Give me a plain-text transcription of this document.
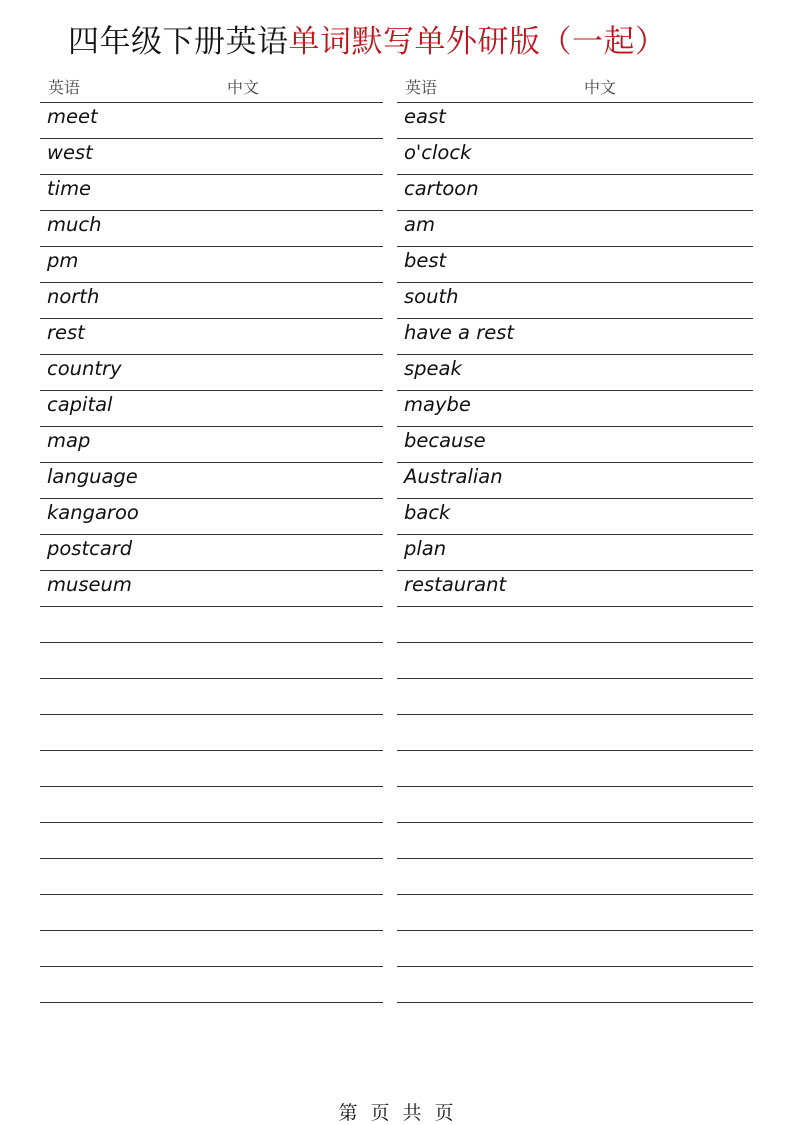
四年级下册英语单词默写单外研版（一起）
英语	中文
meet
west
time
much
pm
north
rest
country
capital
map
language
kangaroo
postcard
museum
英语	中文
east
o'clock
cartoon
am
best
south
have a rest
speak
maybe
because
Australian
back
plan
restaurant
第 页 共 页
